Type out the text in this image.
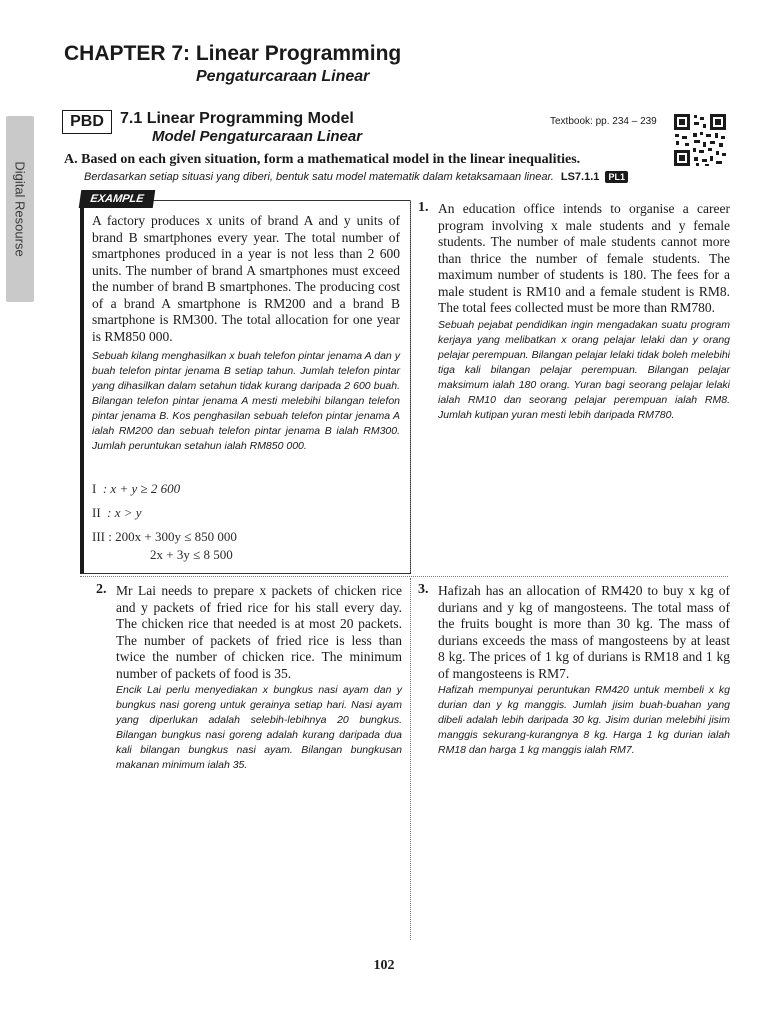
Digital Resourse
CHAPTER 7: Linear Programming
Pengaturcaraan Linear
PBD	7.1 Linear Programming Model
Model Pengaturcaraan Linear
Textbook: pp. 234 – 239
A. Based on each given situation, form a mathematical model in the linear inequalities.
Berdasarkan setiap situasi yang diberi, bentuk satu model matematik dalam ketaksamaan linear. LS7.1.1 PL1
A factory produces x units of brand A and y units of brand B smartphones every year. The total number of smartphones produced in a year is not less than 2 600 units. The number of brand A smartphones must exceed the number of brand B smartphones. The producing cost of a brand A smartphone is RM200 and a brand B smartphone is RM300. The total allocation for one year is RM850 000.
Sebuah kilang menghasilkan x buah telefon pintar jenama A dan y buah telefon pintar jenama B setiap tahun. Jumlah telefon pintar yang dihasilkan dalam setahun tidak kurang daripada 2 600 buah. Bilangan telefon pintar jenama A mesti melebihi bilangan telefon pintar jenama B. Kos penghasilan sebuah telefon pintar jenama A ialah RM200 dan sebuah telefon pintar jenama B ialah RM300. Jumlah peruntukan setahun ialah RM850 000.
I : x + y ≥ 2 600
II : x > y
III : 200x + 300y ≤ 850 000
2x + 3y ≤ 8 500
EXAMPLE
1. An education office intends to organise a career program involving x male students and y female students. The number of male students cannot more than thrice the number of female students. The maximum number of students is 180. The fees for a male student is RM10 and a female student is RM8. The total fees collected must be more than RM780.
Sebuah pejabat pendidikan ingin mengadakan suatu program kerjaya yang melibatkan x orang pelajar lelaki dan y orang pelajar perempuan. Bilangan pelajar lelaki tidak boleh melebihi tiga kali bilangan pelajar perempuan. Bilangan pelajar maksimum ialah 180 orang. Yuran bagi seorang pelajar lelaki ialah RM10 dan seorang pelajar perempuan ialah RM8. Jumlah kutipan yuran mesti lebih daripada RM780.
2. Mr Lai needs to prepare x packets of chicken rice and y packets of fried rice for his stall every day. The chicken rice that needed is at most 20 packets. The number of packets of fried rice is less than twice the number of chicken rice. The minimum number of packets of food is 35.
Encik Lai perlu menyediakan x bungkus nasi ayam dan y bungkus nasi goreng untuk gerainya setiap hari. Nasi ayam yang diperlukan adalah selebih-lebihnya 20 bungkus. Bilangan bungkus nasi goreng adalah kurang daripada dua kali bilangan bungkus nasi ayam. Bilangan bungkusan makanan minimum ialah 35.
3. Hafizah has an allocation of RM420 to buy x kg of durians and y kg of mangosteens. The total mass of the fruits bought is more than 30 kg. The mass of durians exceeds the mass of mangosteens by at least 8 kg. The prices of 1 kg of durians is RM18 and 1 kg of mangosteens is RM7.
Hafizah mempunyai peruntukan RM420 untuk membeli x kg durian dan y kg manggis. Jumlah jisim buah-buahan yang dibeli adalah lebih daripada 30 kg. Jisim durian melebihi jisim manggis sekurang-kurangnya 8 kg. Harga 1 kg durian ialah RM18 dan harga 1 kg manggis ialah RM7.
102
